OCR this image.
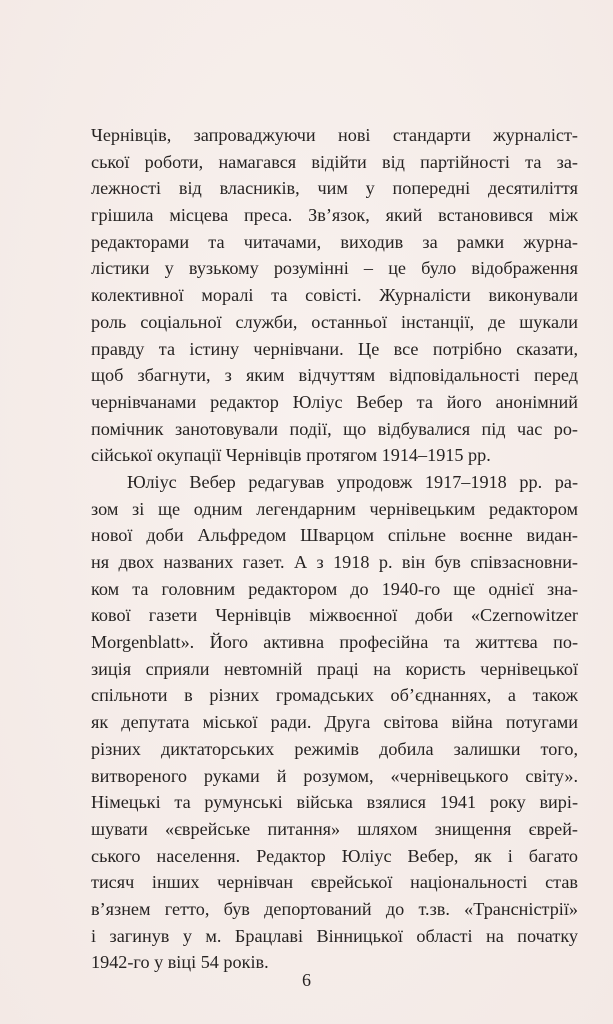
Чернівців, запроваджуючи нові стандарти журналіст-
ської роботи, намагався відійти від партійності та за-
лежності від власників, чим у попередні десятиліття
грішила місцева преса. Зв’язок, який встановився між
редакторами та читачами, виходив за рамки журна-
лістики у вузькому розумінні – це було відображення
колективної моралі та совісті. Журналісти виконували
роль соціальної служби, останньої інстанції, де шукали
правду та істину чернівчани. Це все потрібно сказати,
щоб збагнути, з яким відчуттям відповідальності перед
чернівчанами редактор Юліус Вебер та його анонімний
помічник занотовували події, що відбувалися під час ро-
сійської окупації Чернівців протягом 1914–1915 рр.
Юліус Вебер редагував упродовж 1917–1918 рр. ра-
зом зі ще одним легендарним чернівецьким редактором
нової доби Альфредом Шварцом спільне воєнне видан-
ня двох названих газет. А з 1918 р. він був співзасновни-
ком та головним редактором до 1940-го ще однієї зна-
кової газети Чернівців міжвоєнної доби «Czernowitzer
Morgenblatt». Його активна професійна та життєва по-
зиція сприяли невтомній праці на користь чернівецької
спільноти в різних громадських об’єднаннях, а також
як депутата міської ради. Друга світова війна потугами
різних диктаторських режимів добила залишки того,
витвореного руками й розумом, «чернівецького світу».
Німецькі та румунські війська взялися 1941 року вирі-
шувати «єврейське питання» шляхом знищення єврей-
ського населення. Редактор Юліус Вебер, як і багато
тисяч інших чернівчан єврейської національності став
в’язнем гетто, був депортований до т.зв. «Трансністрії»
і загинув у м. Брацлаві Вінницької області на початку
1942-го у віці 54 років.
6
